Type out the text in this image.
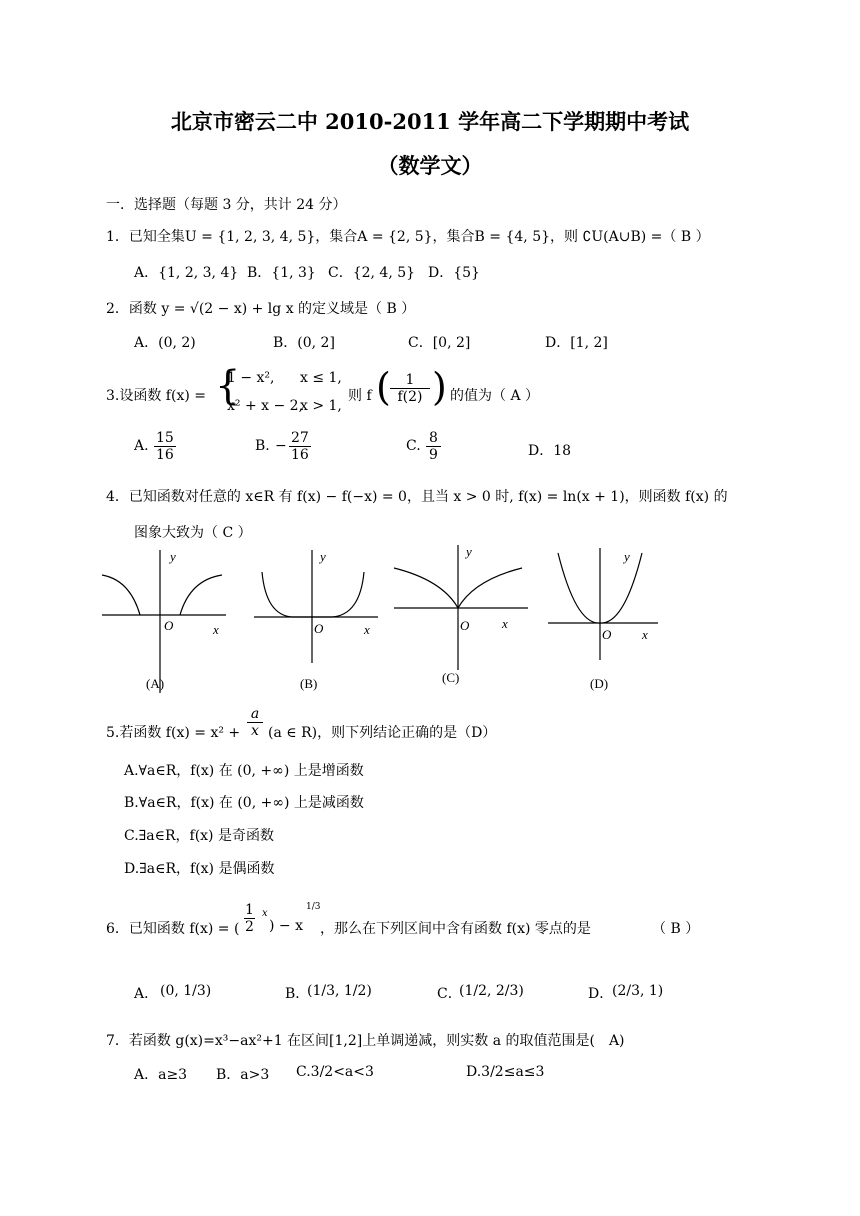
北京市密云二中 2010-2011 学年高二下学期期中考试
（数学文）
一．选择题（每题 3 分，共计 24 分）
1．已知全集U = {1, 2, 3, 4, 5}，集合A = {2, 5}，集合B = {4, 5}，则 ∁U(A∪B) =（ B ）
A．{1, 2, 3, 4} B．{1, 3} C．{2, 4, 5} D．{5}
2．函数 y = √(2 − x) + lg x 的定义域是（ B ）
A．(0, 2)	B．(0, 2]	C．[0, 2]	D．[1, 2]
3.设函数 f(x) = {
1 − x², x ≤ 1,
x² + x − 2,
x > 1,
则 f ( $\frac{1}{f(2)}$ ) 的值为（ A ）
A. $\frac{15}{16}$	B. − $\frac{27}{16}$	C. $\frac{8}{9}$	D．18
4．已知函数对任意的 x∈R 有 f(x) − f(−x) = 0，且当 x > 0 时, f(x) = ln(x + 1)，则函数 f(x) 的
图象大致为（ C ）
y
x
O
(A)
y
x
O
(B)
y
x
O
(C)
y
x
O
(D)
5.若函数 $f(x) = x^2 + \frac{a}{x} (a$ ∈ R)，则下列结论正确的是（D）
A.∀a∈R，f(x) 在 (0, +∞) 上是增函数
B.∀a∈R，f(x) 在 (0, +∞) 上是减函数
C.∃a∈R，f(x) 是奇函数
D.∃a∈R，f(x) 是偶函数
6．已知函数 f(x) = ( $\frac{1}{2}$ x
) − x
1/3
，那么在下列区间中含有函数 f(x) 零点的是	（ B ）
A． (0, 1/3)	B．
(1/3, 1/2)	C．
(1/2, 2/3)	D．
(2/3, 1)
7．若函数 g(x)=x³−ax²+1 在区间[1,2]上单调递减，则实数 a 的取值范围是(　A)
A．a≥3 B．a>3 C.3/2<a<3	D.3/2≤a≤3
